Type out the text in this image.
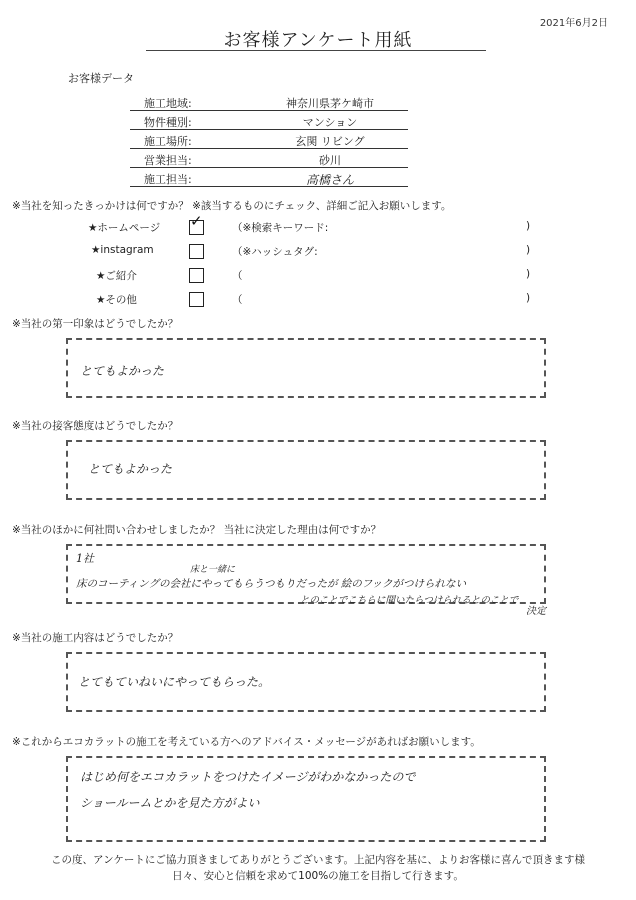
2021年6月2日
お客様アンケート用紙
お客様データ
施工地域:	神奈川県茅ケ崎市
物件種別:	マンション
施工場所:	玄関 リビング
営業担当:	砂川
施工担当:	高橋さん
※当社を知ったきっかけは何ですか？ ※該当するものにチェック、詳細ご記入お願いします。
★ホームページ ✓	（※検索キーワード:	)
★instagram	（※ハッシュタグ:	)
★ご紹介	（	)
★その他	（	)
※当社の第一印象はどうでしたか？
とてもよかった
※当社の接客態度はどうでしたか？
とてもよかった
※当社のほかに何社問い合わせしましたか？ 当社に決定した理由は何ですか？
1社
床と一緒に
床のコーティングの会社にやってもらうつもりだったが 絵のフックがつけられない
とのことでこちらに聞いたらつけられるとのことで
決定
※当社の施工内容はどうでしたか？
とてもていねいにやってもらった。
※これからエコカラットの施工を考えている方へのアドバイス・メッセージがあればお願いします。
はじめ何をエコカラットをつけたイメージがわかなかったので
ショールームとかを見た方がよい
この度、アンケートにご協力頂きましてありがとうございます。上記内容を基に、よりお客様に喜んで頂きます様
日々、安心と信頼を求めて100%の施工を目指して行きます。
